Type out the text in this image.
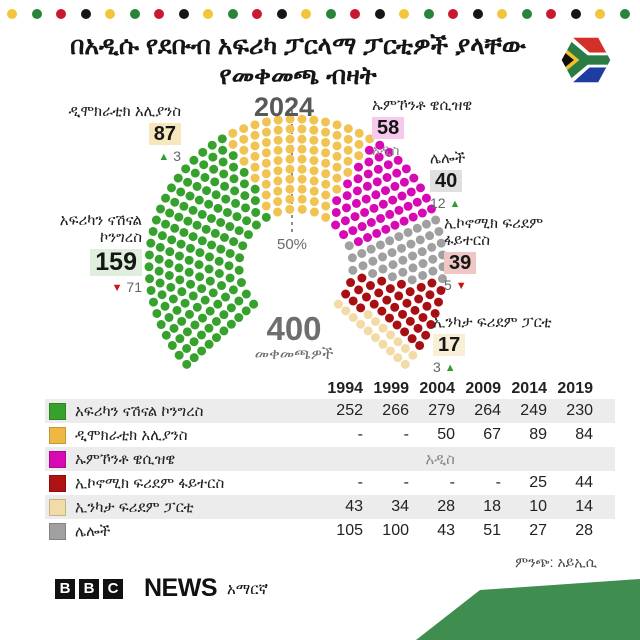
በአዲሱ የደቡብ አፍሪካ ፓርላማ ፓርቲዎች ያላቸው
የመቀመጫ ብዛት
2024
50%
400
መቀመጫዎች
ዲሞክራቲክ አሊያንስ
87
▲ 3
አፍሪካን ናሽናል ኮንግረስ
159
▼ 71
ኡምኾንቶ ዌሲዝዌ
58
አዲስ	ሌሎች
40
12 ▲
ኢኮኖሚክ ፍሪደም ፋይተርስ
39
5 ▼
ኢንካታ ፍሪደም ፓርቲ
17
3 ▲
1994 1999 2004 2009 2014 2019
አፍሪካን ናሽናል ኮንግረስ	252	266	279	264	249	230
ዲሞክራቲክ አሊያንስ	-	-	50	67	89	84
ኡምኾንቶ ዌሲዝዌ	አዲስ
ኢኮኖሚክ ፍሪደም ፋይተርስ	-	-	-	-	25	44
ኢንካታ ፍሪደም ፓርቲ	43	34	28	18	10	14
ሌሎች	105	100	43	51	27	28
B B C NEWS አማርኛ
ምንጭ: አይኢሲ
